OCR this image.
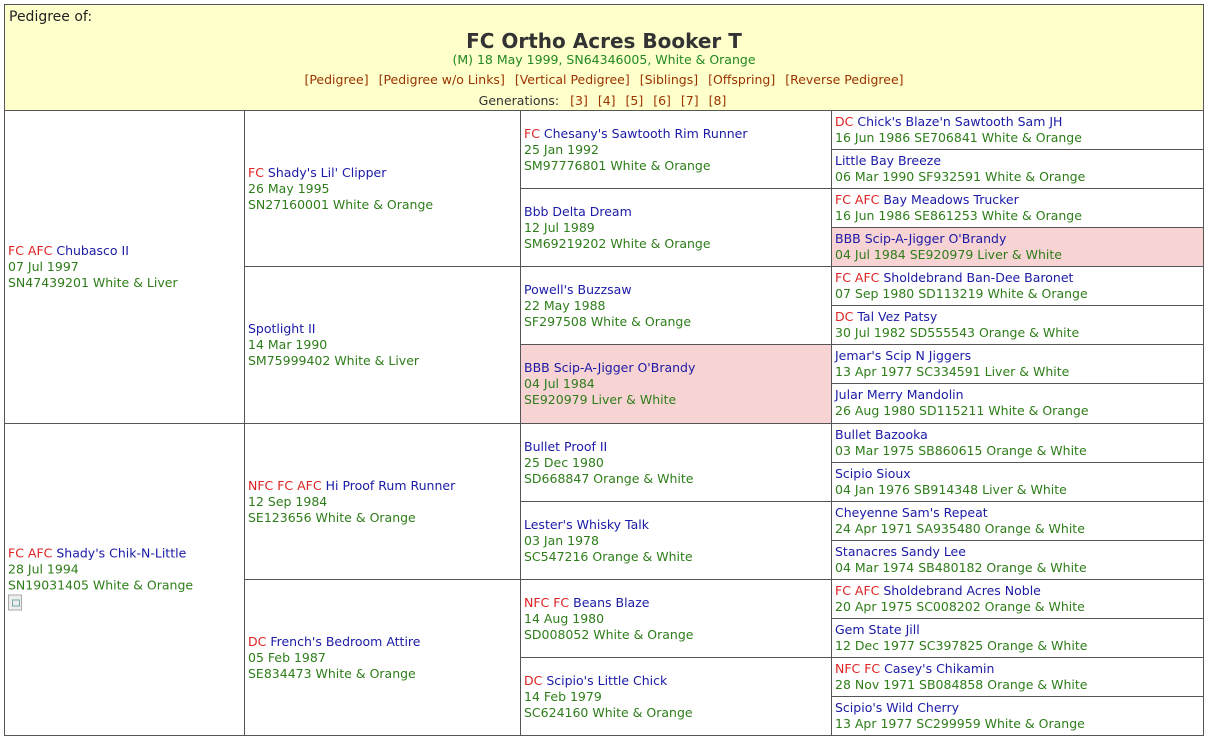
Pedigree of:
FC Ortho Acres Booker T
(M) 18 May 1999, SN64346005, White & Orange
[Pedigree] [Pedigree w/o Links] [Vertical Pedigree] [Siblings] [Offspring] [Reverse Pedigree]
Generations: [3] [4] [5] [6] [7] [8]
FC AFC Chubasco II
07 Jul 1997
SN47439201 White & Liver
FC AFC Shady's Chik-N-Little
28 Jul 1994
SN19031405 White & Orange
FC Shady's Lil' Clipper
26 May 1995
SN27160001 White & Orange
Spotlight II
14 Mar 1990
SM75999402 White & Liver
NFC FC AFC Hi Proof Rum Runner
12 Sep 1984
SE123656 White & Orange
DC French's Bedroom Attire
05 Feb 1987
SE834473 White & Orange
FC Chesany's Sawtooth Rim Runner
25 Jan 1992
SM97776801 White & Orange
Bbb Delta Dream
12 Jul 1989
SM69219202 White & Orange
Powell's Buzzsaw
22 May 1988
SF297508 White & Orange
BBB Scip-A-Jigger O'Brandy
04 Jul 1984
SE920979 Liver & White
Bullet Proof II
25 Dec 1980
SD668847 Orange & White
Lester's Whisky Talk
03 Jan 1978
SC547216 Orange & White
NFC FC Beans Blaze
14 Aug 1980
SD008052 White & Orange
DC Scipio's Little Chick
14 Feb 1979
SC624160 White & Orange
DC Chick's Blaze'n Sawtooth Sam JH
16 Jun 1986 SE706841 White & Orange
Little Bay Breeze
06 Mar 1990 SF932591 White & Orange
FC AFC Bay Meadows Trucker
16 Jun 1986 SE861253 White & Orange
BBB Scip-A-Jigger O'Brandy
04 Jul 1984 SE920979 Liver & White
FC AFC Sholdebrand Ban-Dee Baronet
07 Sep 1980 SD113219 White & Orange
DC Tal Vez Patsy
30 Jul 1982 SD555543 Orange & White
Jemar's Scip N Jiggers
13 Apr 1977 SC334591 Liver & White
Jular Merry Mandolin
26 Aug 1980 SD115211 White & Orange
Bullet Bazooka
03 Mar 1975 SB860615 Orange & White
Scipio Sioux
04 Jan 1976 SB914348 Liver & White
Cheyenne Sam's Repeat
24 Apr 1971 SA935480 Orange & White
Stanacres Sandy Lee
04 Mar 1974 SB480182 Orange & White
FC AFC Sholdebrand Acres Noble
20 Apr 1975 SC008202 Orange & White
Gem State Jill
12 Dec 1977 SC397825 Orange & White
NFC FC Casey's Chikamin
28 Nov 1971 SB084858 Orange & White
Scipio's Wild Cherry
13 Apr 1977 SC299959 White & Orange
